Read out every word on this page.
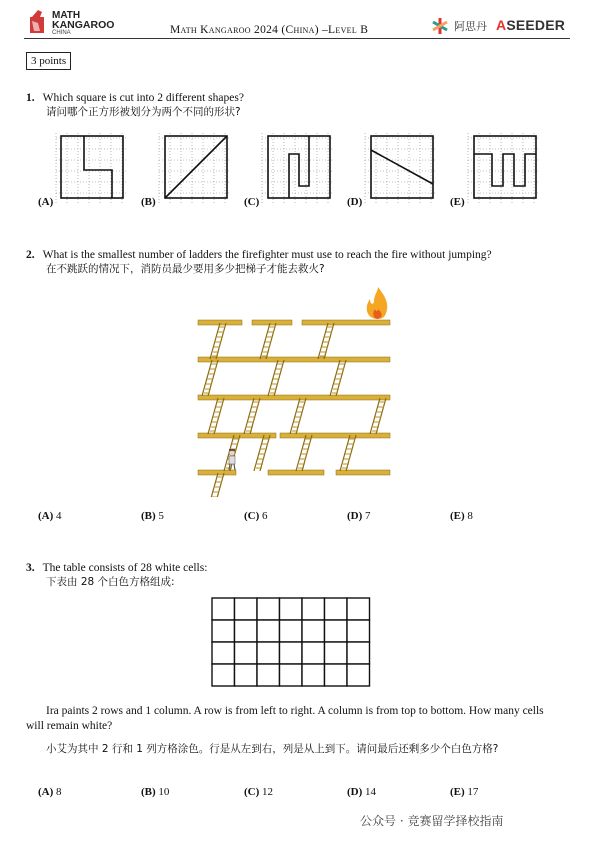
MATH
KANGAROO
CHINA	Math Kangaroo 2024 (China) –Level B	阿思丹 ASEEDER
3 points
1. Which square is cut into 2 different shapes?
请问哪个正方形被划分为两个不同的形状?
(A)	(B)	(C)	(D)	(E)
2. What is the smallest number of ladders the firefighter must use to reach the fire without jumping?
在不跳跃的情况下，消防员最少要用多少把梯子才能去救火?
(A) 4	(B) 5	(C) 6	(D) 7	(E) 8
3. The table consists of 28 white cells:
下表由 28 个白色方格组成:
Ira paints 2 rows and 1 column. A row is from left to right. A column is from top to bottom. How many cells will remain white?
小艾为其中 2 行和 1 列方格涂色。行是从左到右，列是从上到下。请问最后还剩多少个白色方格?
(A) 8	(B) 10	(C) 12	(D) 14	(E) 17
公众号 · 竞赛留学择校指南
